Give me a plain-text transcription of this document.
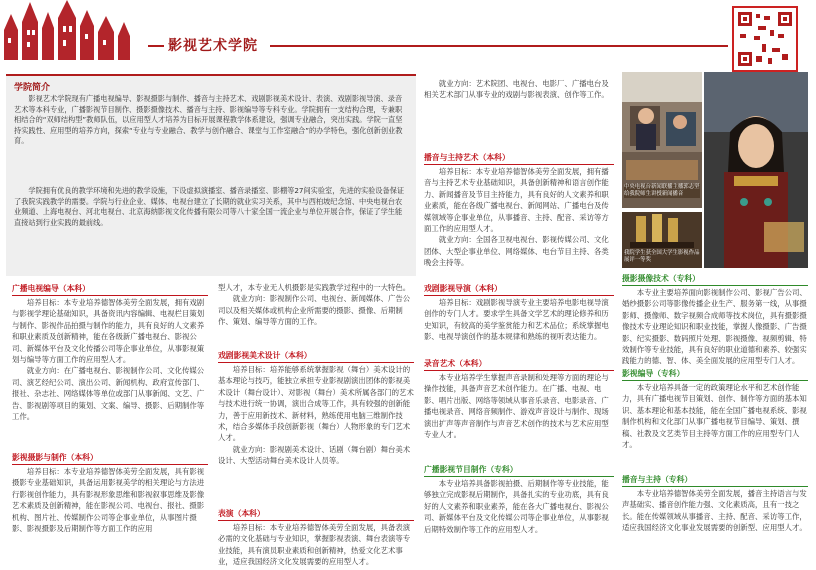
影视艺术学院
学院简介

影视艺术学院现有广播电视编导、影视摄影与制作、播音与主持艺术、戏剧影视美术设计、表演、戏剧影视导演、录音艺术等本科专业，广播影视节目制作、摄影摄像技术、播音与主持、影视编导等专科专业。学院拥有一支结构合理，专兼职相结合的“双师结构型”教师队伍，以应用型人才培养为目标开展课程教学体系建设，强调专业融合，突出实践。学院一直坚持实践性、应用型的培养方向，探索“专业与专业融合、教学与创作融合、课堂与工作室融合”的办学特色，强化创新创业教育。

学院拥有优良的教学环境和先进的教学设施，下设虚拟演播室、播音录播室、影棚等27间实验室，先进的实验设备保证了我院实践教学的需要。学院与行业企业、媒体、电视台建立了长期的就业实习关系，其中与西柏坡纪念馆、中央电视台农业频道、上海电视台、河北电视台、北京海纳影视文化传播有限公司等八十家全国一流企业与单位开展合作，保证了学生能直接站到行业实践的最前线。

广播电视编导（本科）

培养目标：本专业培养德智体美劳全面发展，拥有戏剧与影视学理论基础知识，具备资讯内容编辑、电视栏目策划与制作、影视作品拍摄与制作的能力，具有良好的人文素养和职业素质及创新精神，能在各级新广播电视台、影视公司、新媒体平台及文化传播公司等企事业单位，从事影视策划与编导等方面工作的应用型人才。

就业方向：在广播电视台、影视制作公司、文化传媒公司、演艺经纪公司、演出公司、新闻机构、政府宣传部门、报社、杂志社、网络媒体等单位或部门从事新闻、文艺、广告、影视剧等项目的策划、文案、编导、摄影、后期制作等工作。

影视摄影与制作（本科）

培养目标：本专业培养德智体美劳全面发展，具有影视摄影专业基础知识，具备运用影视美学的相关理论与方法进行影视创作能力，具有影视形象思维和影视叙事思维及影像艺术素质及创新精神，能在影视公司、电视台、报社、摄影机构、图片社、传媒制作公司等企事业单位，从事图片摄影、影视摄影及后期制作等方面工作的应用

型人才，本专业无人机摄影是实践教学过程中的一大特色。

就业方向：影视制作公司、电视台、新闻媒体、广告公司以及相关媒体或机构企业所需要的摄影、摄像、后期制作、策划、编导等方面的工作。

戏剧影视美术设计（本科）

培养目标：培养能够系统掌握影视（舞台）美术设计的基本理论与技巧，能独立承担专业影视剧演出团体的影视美术设计（舞台设计）、对影视（舞台）美术所属各部门的艺术与技术进行统一协调，演出合成等工作，具有较强的创新能力，善于应用新技术、新材料，熟练使用电脑三维制作技术，结合多媒体手段创新影视（舞台）人物形象的专门艺术人才。

就业方向：影视剧美术设计、话剧（舞台剧）舞台美术设计、大型活动舞台美术设计人员等。

表演（本科）

培养目标：本专业培养德智体美劳全面发展，具备表演必需的文化基础与专业知识，掌握影视表演、舞台表演等专业技能，具有演员职业素质和创新精神，热爱文化艺术事业，适应我国经济文化发展需要的应用型人才。

就业方向：艺术院团、电视台、电影厂、广播电台及相关艺术部门从事专业的戏剧与影视表演、创作等工作。

播音与主持艺术（本科）

培养目标：本专业培养德智体美劳全面发展，拥有播音与主持艺术专业基础知识，具备创新精神和语言创作能力、新闻播音及节目主持能力，具有良好的人文素养和职业素质，能在各级广播电视台、新闻网站、广播电台及传媒领域等企事业单位，从事播音、主持、配音、采访等方面工作的应用型人才。

就业方向：全国各卫视电视台、影视传媒公司、文化团体、大型企事业单位、网络媒体、电台节目主持、各类晚会主持等。

戏剧影视导演（本科）

培养目标：戏剧影视导演专业主要培养电影电视导演创作的专门人才。要求学生具备文学艺术的理论修养和历史知识，有较高的美学鉴赏能力和艺术品位；系统掌握电影、电视导演创作的基本规律和熟练的视听表达能力。

录音艺术（本科）

本专业培养学生掌握声音录制和处理等方面的理论与操作技能，具备声音艺术创作能力。在广播、电视、电影、唱片出版、网络等领域从事音乐录音、电影录音、广播电视录音、网络音频制作、游戏声音设计与制作、现场演出扩声等声音制作与声音艺术创作的技术与艺术应用型专业人才。

广播影视节目制作（专科）

本专业培养具备影视拍摄、后期制作等专业技能，能够独立完成影视后期制作，具备扎实的专业功底，具有良好的人文素养和职业素养，能在各大广播电视台、影视公司、新媒体平台及文化传媒公司等企事业单位，从事影视后期特效制作等工作的应用型人才。

中央电视台新闻联播主播郭志坚给我院师生讲授新闻播音
我院学生获全国大学生影视作品展评一等奖
摄影摄像技术（专科）

本专业主要培养面向影视制作公司、影视广告公司、婚纱摄影公司等影像传播企业生产、服务第一线，从事摄影师、摄像师、数字视频合成师等技术岗位，具有摄影摄像技术专业理论知识和职业技能，掌握人像摄影、广告摄影、纪实摄影、数码照片处理、影视摄像、视频剪辑、特效制作等专业技能，具有良好的职业道德和素养、较强实践能力的德、智、体、美全面发展的应用型专门人才。

影视编导（专科）

本专业培养具备一定的政策理论水平和艺术创作能力，具有广播电视节目策划、创作、制作等方面的基本知识、基本理论和基本技能，能在全国广播电视系统、影视制作机构和文化部门从事广播电视节目编导、策划、撰稿、社教及文艺类节目主持等方面工作的应用型专门人才。

播音与主持（专科）

本专业培养德智体美劳全面发展，播音主持语言与发声基础实、播音创作能力强、文化素质高，且有一技之长。能在传媒领域从事播音、主持、配音、采访等工作，适应我国经济文化事业发展需要的创新型、应用型人才。
